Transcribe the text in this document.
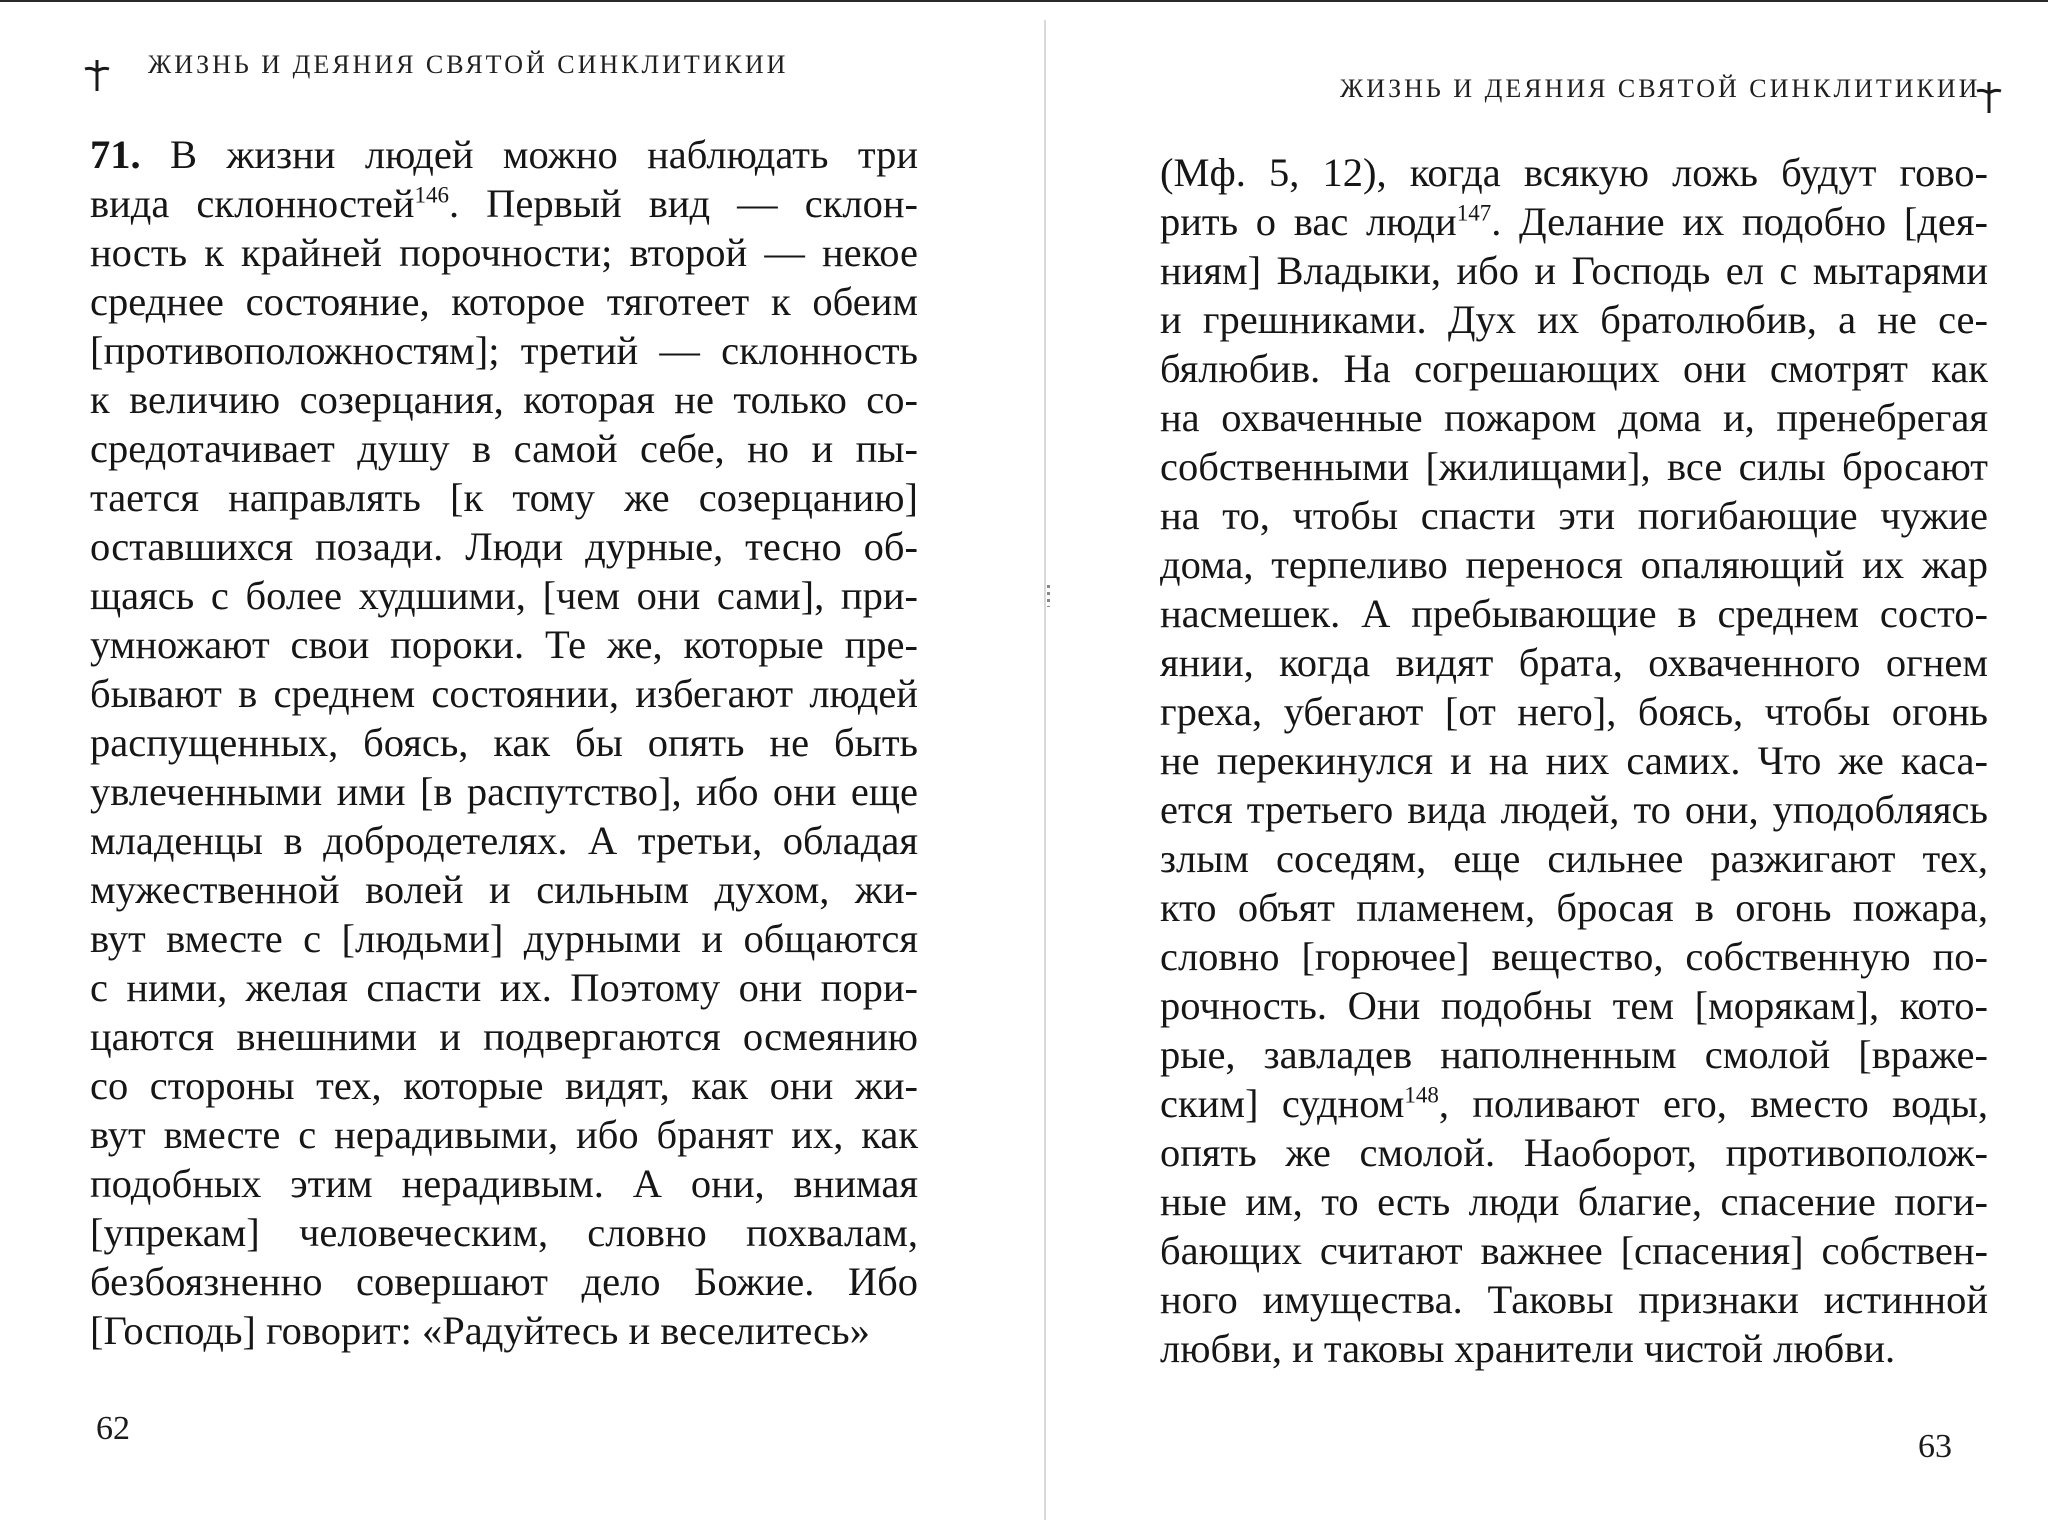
ЖИЗНЬ И ДЕЯНИЯ СВЯТОЙ СИНКЛИТИКИИ
71. В жизни людей можно наблюдать три
вида склонностей$^{146}$. Первый вид — склон-
ность к крайней порочности; второй — некое
среднее состояние, которое тяготеет к обеим
[противоположностям]; третий — склонность
к величию созерцания, которая не только со-
средотачивает душу в самой себе, но и пы-
тается направлять [к тому же созерцанию]
оставшихся позади. Люди дурные, тесно об-
щаясь с более худшими, [чем они сами], при-
умножают свои пороки. Те же, которые пре-
бывают в среднем состоянии, избегают людей
распущенных, боясь, как бы опять не быть
увлеченными ими [в распутство], ибо они еще
младенцы в добродетелях. А третьи, обладая
мужественной волей и сильным духом, жи-
вут вместе с [людьми] дурными и общаются
с ними, желая спасти их. Поэтому они пори-
цаются внешними и подвергаются осмеянию
со стороны тех, которые видят, как они жи-
вут вместе с нерадивыми, ибо бранят их, как
подобных этим нерадивым. А они, внимая
[упрекам] человеческим, словно похвалам,
безбоязненно совершают дело Божие. Ибо
[Господь] говорит: «Радуйтесь и веселитесь»
62
ЖИЗНЬ И ДЕЯНИЯ СВЯТОЙ СИНКЛИТИКИИ
(Мф. 5, 12), когда всякую ложь будут гово-
рить о вас люди$^{147}$. Делание их подобно [дея-
ниям] Владыки, ибо и Господь ел с мытарями
и грешниками. Дух их братолюбив, а не се-
бялюбив. На согрешающих они смотрят как
на охваченные пожаром дома и, пренебрегая
собственными [жилищами], все силы бросают
на то, чтобы спасти эти погибающие чужие
дома, терпеливо перенося опаляющий их жар
насмешек. А пребывающие в среднем состо-
янии, когда видят брата, охваченного огнем
греха, убегают [от него], боясь, чтобы огонь
не перекинулся и на них самих. Что же каса-
ется третьего вида людей, то они, уподобляясь
злым соседям, еще сильнее разжигают тех,
кто объят пламенем, бросая в огонь пожара,
словно [горючее] вещество, собственную по-
рочность. Они подобны тем [морякам], кото-
рые, завладев наполненным смолой [враже-
ским] судном$^{148}$, поливают его, вместо воды,
опять же смолой. Наоборот, противополож-
ные им, то есть люди благие, спасение поги-
бающих считают важнее [спасения] собствен-
ного имущества. Таковы признаки истинной
любви, и таковы хранители чистой любви.
63
